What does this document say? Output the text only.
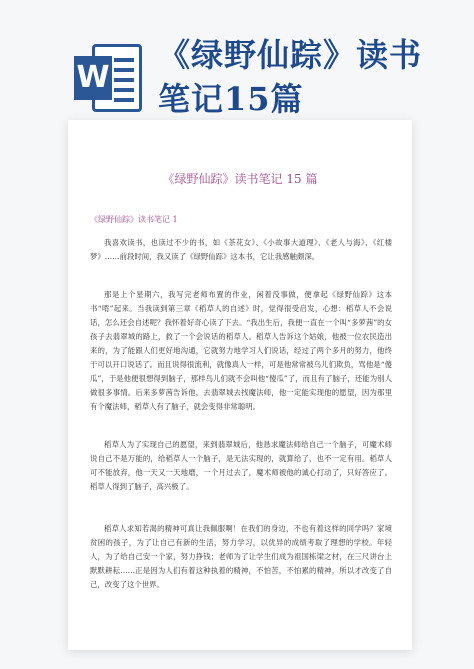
W
《绿野仙踪》读书
笔记15篇
《绿野仙踪》读书笔记 15 篇
《绿野仙踪》读书笔记 1

我喜欢读书，也读过不少的书，如《茶花女》、《小故事大道理》、《老人与海》、《红楼梦》……前段时间，我又读了《绿野仙踪》这本书，它让我感触颇深。

那是上个星期六，我写完老师布置的作业，闲着没事做，便拿起《绿野仙踪》这本书“啃”起来。当我读到第三章《稻草人的自述》时，觉得很受启发，心想：稻草人不会说话，怎么还会自述呢？我怀着好奇心读了下去。“我出生后，我便一直在一个叫“多萝茜”的女孩子去翡翠城的路上，救了一个会说话的稻草人。稻草人告诉这个姑娘，他被一位农民造出来的，为了能跟人们更好地沟通，它就努力地学习人们说话，经过了两个多月的努力，他终于可以开口说话了。而且说得很流利，就像真人一样，可是他常常被乌儿们欺负，骂他是“傻瓜”，于是他便很想得到脑子，那样鸟儿们就不会叫他“傻瓜”了，而且有了脑子，还能为别人做很多事情。后来多萝茜告诉他，去翡翠城去找魔法师，他一定能实现他的愿望，因为那里有个魔法师，稻草人有了脑子，就会变得非常聪明。

稻草人为了实现自己的愿望，来到翡翠城后，他恳求魔法师给自己一个脑子，可魔术师说自己不是万能的，给稻草人一个脑子，是无法实现的，就算给了，也不一定有用。稻草人可不能放弃，他一天又一天地磨，一个月过去了，魔术师被他的诚心打动了，只好答应了。稻草人得到了脑子，高兴极了。

稻草人求知若渴的精神可真让我佩服啊！在我们的身边，不也有着这样的同学吗？家境贫困的孩子，为了让自己有新的生活，努力学习，以优异的成绩考取了理想的学校。年轻人，为了给自己安一个家，努力挣钱；老师为了让学生们成为祖国栋梁之材，在三尺讲台上默默耕耘……正是因为人们有着这种执着的精神，不怕苦，不怕累的精神，所以才改变了自己，改变了这个世界。
